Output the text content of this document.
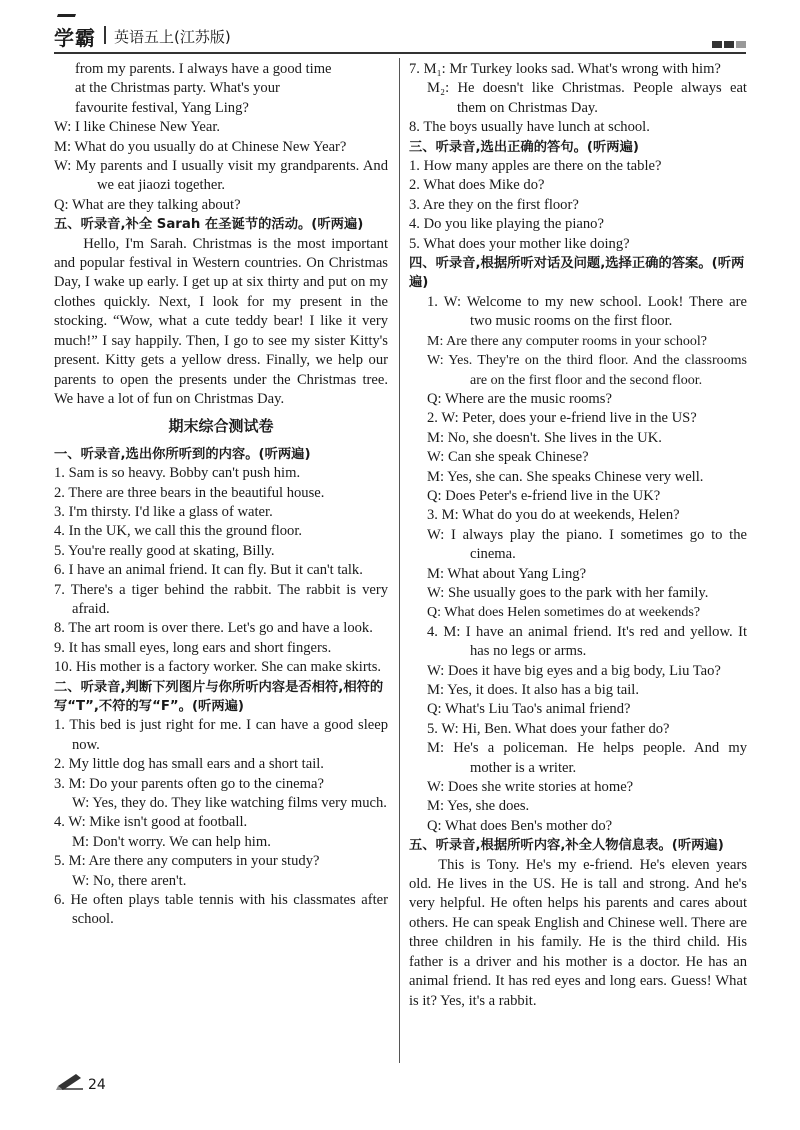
学霸 英语五上(江苏版)

from my parents. I always have a good time

at the Christmas party. What's your

favourite festival, Yang Ling?

W: I like Chinese New Year.

M: What do you usually do at Chinese New Year?

W: My parents and I usually visit my grandparents. And we eat jiaozi together.

Q: What are they talking about?

五、听录音,补全 Sarah 在圣诞节的活动。(听两遍)

Hello, I'm Sarah. Christmas is the most important and popular festival in Western countries. On Christmas Day, I wake up early. I get up at six thirty and put on my clothes quickly. Next, I look for my present in the stocking. “Wow, what a cute teddy bear! I like it very much!” I say happily. Then, I go to see my sister Kitty's present. Kitty gets a yellow dress. Finally, we help our parents to open the presents under the Christmas tree. We have a lot of fun on Christmas Day.

期末综合测试卷

一、听录音,选出你所听到的内容。(听两遍)

1. Sam is so heavy. Bobby can't push him.

2. There are three bears in the beautiful house.

3. I'm thirsty. I'd like a glass of water.

4. In the UK, we call this the ground floor.

5. You're really good at skating, Billy.

6. I have an animal friend. It can fly. But it can't talk.

7. There's a tiger behind the rabbit. The rabbit is very afraid.

8. The art room is over there. Let's go and have a look.

9. It has small eyes, long ears and short fingers.

10. His mother is a factory worker. She can make skirts.

二、听录音,判断下列图片与你所听内容是否相符,相符的写“T”,不符的写“F”。(听两遍)

1. This bed is just right for me. I can have a good sleep now.

2. My little dog has small ears and a short tail.

3. M: Do your parents often go to the cinema?

W: Yes, they do. They like watching films very much.

4. W: Mike isn't good at football.

M: Don't worry. We can help him.

5. M: Are there any computers in your study?

W: No, there aren't.

6. He often plays table tennis with his classmates after school.

7. M₁: Mr Turkey looks sad. What's wrong with him?

M₂: He doesn't like Christmas. People always eat them on Christmas Day.

8. The boys usually have lunch at school.

三、听录音,选出正确的答句。(听两遍)

1. How many apples are there on the table?

2. What does Mike do?

3. Are they on the first floor?

4. Do you like playing the piano?

5. What does your mother like doing?

四、听录音,根据所听对话及问题,选择正确的答案。(听两遍)

1. W: Welcome to my new school. Look! There are two music rooms on the first floor.

M: Are there any computer rooms in your school?

W: Yes. They're on the third floor. And the classrooms are on the first floor and the second floor.

Q: Where are the music rooms?

2. W: Peter, does your e-friend live in the US?

M: No, she doesn't. She lives in the UK.

W: Can she speak Chinese?

M: Yes, she can. She speaks Chinese very well.

Q: Does Peter's e-friend live in the UK?

3. M: What do you do at weekends, Helen?

W: I always play the piano. I sometimes go to the cinema.

M: What about Yang Ling?

W: She usually goes to the park with her family.

Q: What does Helen sometimes do at weekends?

4. M: I have an animal friend. It's red and yellow. It has no legs or arms.

W: Does it have big eyes and a big body, Liu Tao?

M: Yes, it does. It also has a big tail.

Q: What's Liu Tao's animal friend?

5. W: Hi, Ben. What does your father do?

M: He's a policeman. He helps people. And my mother is a writer.

W: Does she write stories at home?

M: Yes, she does.

Q: What does Ben's mother do?

五、听录音,根据所听内容,补全人物信息表。(听两遍)

This is Tony. He's my e-friend. He's eleven years old. He lives in the US. He is tall and strong. And he's very helpful. He often helps his parents and cares about others. He can speak English and Chinese well. There are three children in his family. He is the third child. His father is a driver and his mother is a doctor. He has an animal friend. It has red eyes and long ears. Guess! What is it? Yes, it's a rabbit.

24
